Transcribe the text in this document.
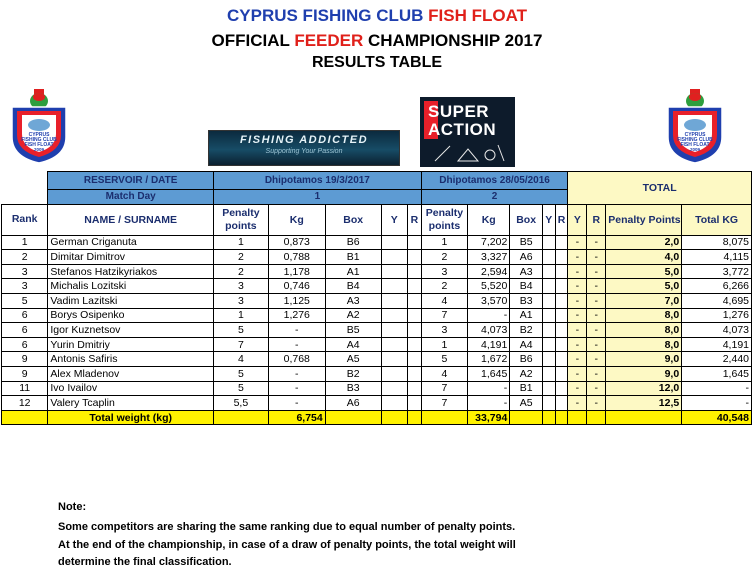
CYPRUS FISHING CLUB FISH FLOAT
OFFICIAL FEEDER CHAMPIONSHIP 2017
RESULTS TABLE
CYPRUS
FISHING CLUB
FISH FLOAT
2009
CYPRUS
FISHING CLUB
FISH FLOAT
2009
FISHING ADDICTED
Supporting Your Passion
SUPER
ACTION
	RESERVOIR / DATE	Dhipotamos 19/3/2017					Dhipotamos 28/05/2016					TOTAL			
	Match Day	1					2								
Rank	NAME / SURNAME	Penalty points	Kg	Box	Y	R	Penalty points	Kg	Box	Y	R	Y	R	Penalty Points	Total KG
1	German Criganuta	1	0,873	B6			1	7,202	B5			-	-	2,0	8,075
2	Dimitar Dimitrov	2	0,788	B1			2	3,327	A6			-	-	4,0	4,115
3	Stefanos Hatzikyriakos	2	1,178	A1			3	2,594	A3			-	-	5,0	3,772
3	Michalis Lozitski	3	0,746	B4			2	5,520	B4			-	-	5,0	6,266
5	Vadim Lazitski	3	1,125	A3			4	3,570	B3			-	-	7,0	4,695
6	Borys Osipenko	1	1,276	A2			7	-	A1			-	-	8,0	1,276
6	Igor Kuznetsov	5	-	B5			3	4,073	B2			-	-	8,0	4,073
6	Yurin Dmitriy	7	-	A4			1	4,191	A4			-	-	8,0	4,191
9	Antonis Safiris	4	0,768	A5			5	1,672	B6			-	-	9,0	2,440
9	Alex Mladenov	5	-	B2			4	1,645	A2			-	-	9,0	1,645
11	Ivo Ivailov	5	-	B3			7	-	B1			-	-	12,0	-
12	Valery Tcaplin	5,5	-	A6			7	-	A5			-	-	12,5	-
	Total weight (kg)		6,754					33,794							40,548
Note:
Some competitors are sharing the same ranking due to equal number of penalty points.
At the end of the championship, in case of a draw of penalty points, the total weight will
determine the final classification.
